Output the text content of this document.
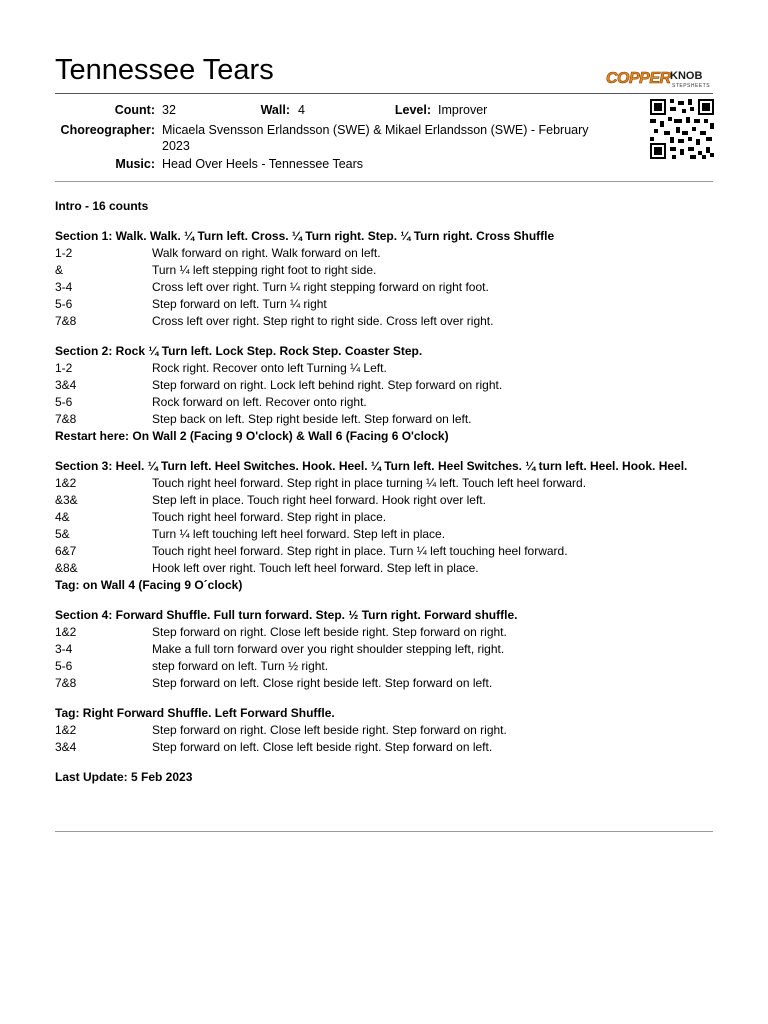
Tennessee Tears	COPPER KNOB
STEPSHEETS
Count: 32	Wall: 4	Level: Improver
Choreographer: Micaela Svensson Erlandsson (SWE) & Mikael Erlandsson (SWE) - February
2023
Music: Head Over Heels - Tennessee Tears
Intro - 16 counts
Section 1: Walk. Walk. ¼ Turn left. Cross. ¼ Turn right. Step. ¼ Turn right. Cross Shuffle
1-2	Walk forward on right. Walk forward on left.
&	Turn ¼ left stepping right foot to right side.
3-4	Cross left over right. Turn ¼ right stepping forward on right foot.
5-6	Step forward on left. Turn ¼ right
7&8	Cross left over right. Step right to right side. Cross left over right.
Section 2: Rock ¼ Turn left. Lock Step. Rock Step. Coaster Step.
1-2	Rock right. Recover onto left Turning ¼ Left.
3&4	Step forward on right. Lock left behind right. Step forward on right.
5-6	Rock forward on left. Recover onto right.
7&8	Step back on left. Step right beside left. Step forward on left.
Restart here: On Wall 2 (Facing 9 O'clock) & Wall 6 (Facing 6 O'clock)
Section 3: Heel. ¼ Turn left. Heel Switches. Hook. Heel. ¼ Turn left. Heel Switches. ¼ turn left. Heel. Hook. Heel.
1&2	Touch right heel forward. Step right in place turning ¼ left. Touch left heel forward.
&3&	Step left in place. Touch right heel forward. Hook right over left.
4&	Touch right heel forward. Step right in place.
5&	Turn ¼ left touching left heel forward. Step left in place.
6&7	Touch right heel forward. Step right in place. Turn ¼ left touching heel forward.
&8&	Hook left over right. Touch left heel forward. Step left in place.
Tag: on Wall 4 (Facing 9 O´clock)
Section 4: Forward Shuffle. Full turn forward. Step. ½ Turn right. Forward shuffle.
1&2	Step forward on right. Close left beside right. Step forward on right.
3-4	Make a full torn forward over you right shoulder stepping left, right.
5-6	step forward on left. Turn ½ right.
7&8	Step forward on left. Close right beside left. Step forward on left.
Tag: Right Forward Shuffle. Left Forward Shuffle.
1&2	Step forward on right. Close left beside right. Step forward on right.
3&4	Step forward on left. Close left beside right. Step forward on left.
Last Update: 5 Feb 2023
